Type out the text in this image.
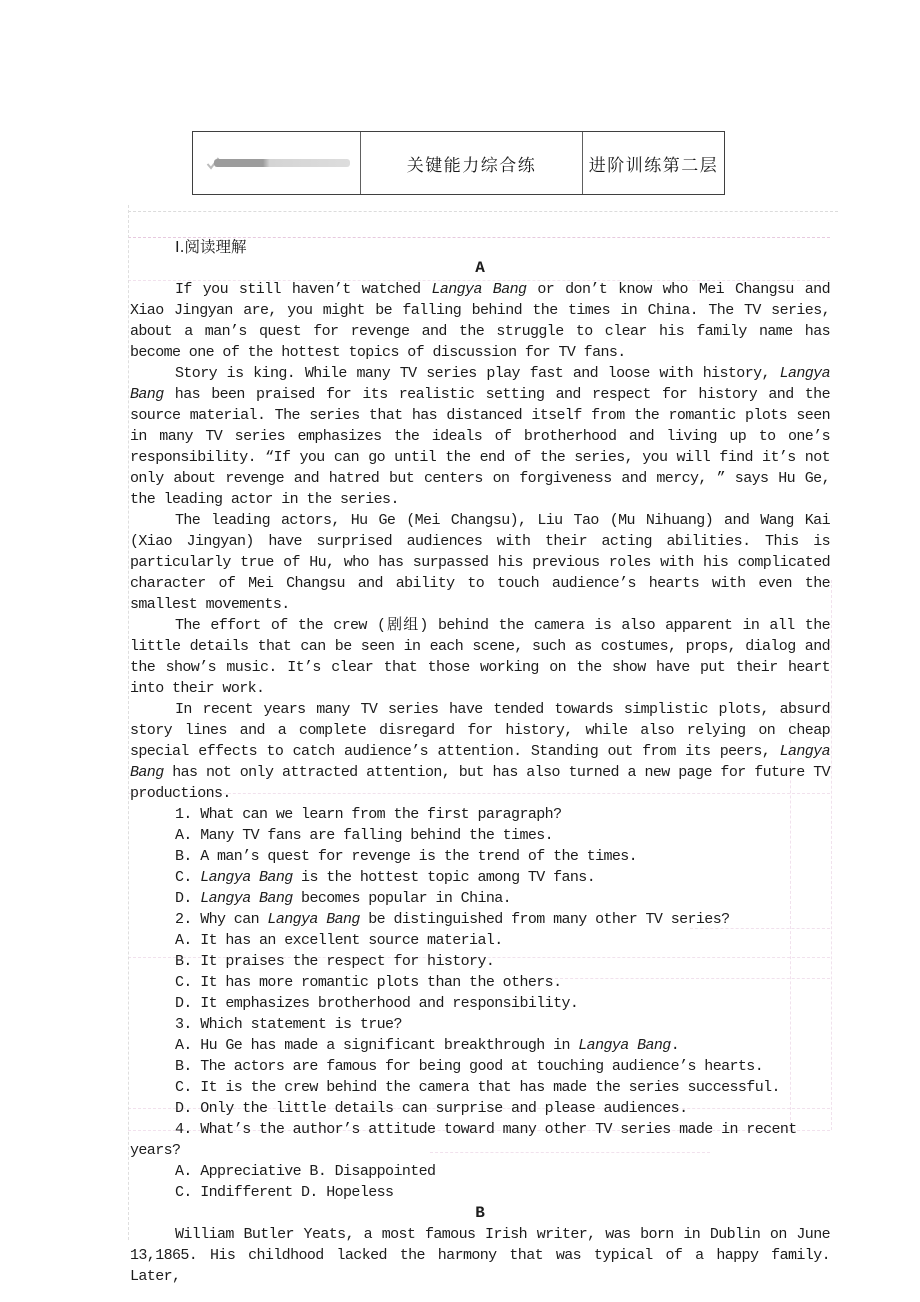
关键能力综合练	进阶训练第二层
Ⅰ.阅读理解
A
If you still haven’t watched Langya Bang or don’t know who Mei Changsu and Xiao Jingyan are, you might be falling behind the times in China. The TV series, about a man’s quest for revenge and the struggle to clear his family name has become one of the hottest topics of discussion for TV fans.
Story is king. While many TV series play fast and loose with history, Langya Bang has been praised for its realistic setting and respect for history and the source material. The series that has distanced itself from the romantic plots seen in many TV series emphasizes the ideals of brotherhood and living up to one’s responsibility. “If you can go until the end of the series, you will find it’s not only about revenge and hatred but centers on forgiveness and mercy, ” says Hu Ge, the leading actor in the series.
The leading actors, Hu Ge (Mei Changsu), Liu Tao (Mu Nihuang) and Wang Kai (Xiao Jingyan) have surprised audiences with their acting abilities. This is particularly true of Hu, who has surpassed his previous roles with his complicated character of Mei Changsu and ability to touch audience’s hearts with even the smallest movements.
The effort of the crew (剧组) behind the camera is also apparent in all the little details that can be seen in each scene, such as costumes, props, dialog and the show’s music. It’s clear that those working on the show have put their heart into their work.
In recent years many TV series have tended towards simplistic plots, absurd story lines and a complete disregard for history, while also relying on cheap special effects to catch audience’s attention. Standing out from its peers, Langya Bang has not only attracted attention, but has also turned a new page for future TV productions.
1. What can we learn from the first paragraph?
A. Many TV fans are falling behind the times.
B. A man’s quest for revenge is the trend of the times.
C. Langya Bang is the hottest topic among TV fans.
D. Langya Bang becomes popular in China.
2. Why can Langya Bang be distinguished from many other TV series?
A. It has an excellent source material.
B. It praises the respect for history.
C. It has more romantic plots than the others.
D. It emphasizes brotherhood and responsibility.
3. Which statement is true?
A. Hu Ge has made a significant breakthrough in Langya Bang.
B. The actors are famous for being good at touching audience’s hearts.
C. It is the crew behind the camera that has made the series successful.
D. Only the little details can surprise and please audiences.
4. What’s the author’s attitude toward many other TV series made in recent years?
A. Appreciative B. Disappointed
C. Indifferent D. Hopeless
B
William Butler Yeats, a most famous Irish writer, was born in Dublin on June 13,1865. His childhood lacked the harmony that was typical of a happy family. Later,
